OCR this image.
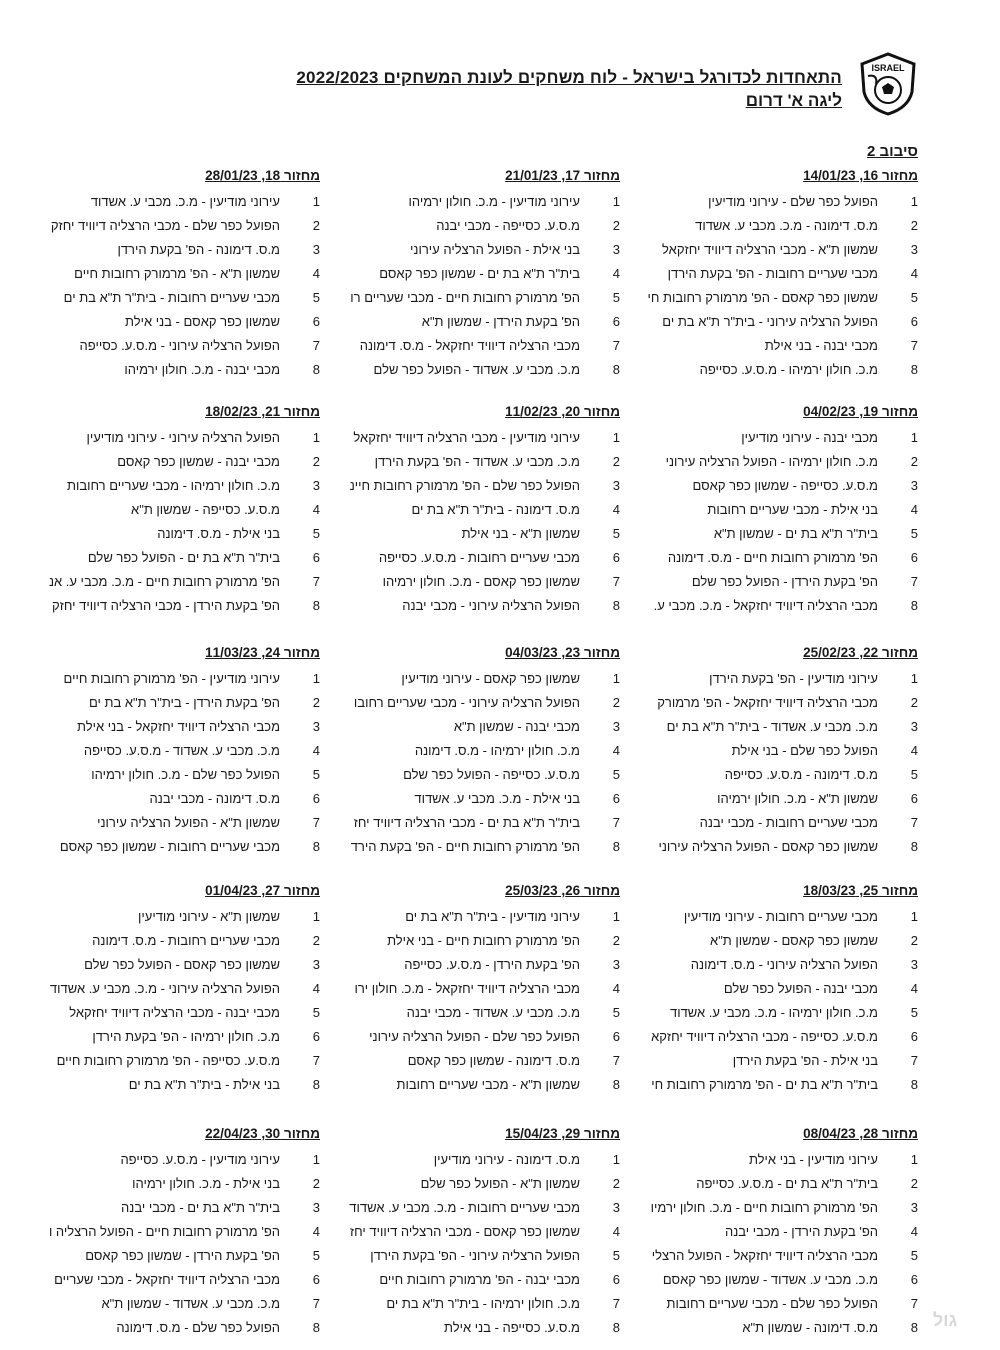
ISRAEL
התאחדות לכדורגל בישראל - לוח משחקים לעונת המשחקים 2022/2023
ליגה א' דרום
סיבוב 2
מחזור 16, 14/01/23
1הפועל כפר שלם - עירוני מודיעין
2מ.ס. דימונה - מ.כ. מכבי ע. אשדוד
3שמשון ת"א - מכבי הרצליה דיוויד יחזקאל
4מכבי שעריים רחובות - הפ' בקעת הירדן
5שמשון כפר קאסם - הפ' מרמורק רחובות חי
6הפועל הרצליה עירוני - בית"ר ת"א בת ים
7מכבי יבנה - בני אילת
8מ.כ. חולון ירמיהו - מ.ס.ע. כסייפה
מחזור 17, 21/01/23
1עירוני מודיעין - מ.כ. חולון ירמיהו
2מ.ס.ע. כסייפה - מכבי יבנה
3בני אילת - הפועל הרצליה עירוני
4בית"ר ת"א בת ים - שמשון כפר קאסם
5הפ' מרמורק רחובות חיים - מכבי שעריים רו
6הפ' בקעת הירדן - שמשון ת"א
7מכבי הרצליה דיוויד יחזקאל - מ.ס. דימונה
8מ.כ. מכבי ע. אשדוד - הפועל כפר שלם
מחזור 18, 28/01/23
1עירוני מודיעין - מ.כ. מכבי ע. אשדוד
2הפועל כפר שלם - מכבי הרצליה דיוויד יחזק
3מ.ס. דימונה - הפ' בקעת הירדן
4שמשון ת"א - הפ' מרמורק רחובות חיים
5מכבי שעריים רחובות - בית"ר ת"א בת ים
6שמשון כפר קאסם - בני אילת
7הפועל הרצליה עירוני - מ.ס.ע. כסייפה
8מכבי יבנה - מ.כ. חולון ירמיהו
מחזור 19, 04/02/23
1מכבי יבנה - עירוני מודיעין
2מ.כ. חולון ירמיהו - הפועל הרצליה עירוני
3מ.ס.ע. כסייפה - שמשון כפר קאסם
4בני אילת - מכבי שעריים רחובות
5בית"ר ת"א בת ים - שמשון ת"א
6הפ' מרמורק רחובות חיים - מ.ס. דימונה
7הפ' בקעת הירדן - הפועל כפר שלם
8מכבי הרצליה דיוויד יחזקאל - מ.כ. מכבי ע.
מחזור 20, 11/02/23
1עירוני מודיעין - מכבי הרצליה דיוויד יחזקאל
2מ.כ. מכבי ע. אשדוד - הפ' בקעת הירדן
3הפועל כפר שלם - הפ' מרמורק רחובות חיינ
4מ.ס. דימונה - בית"ר ת"א בת ים
5שמשון ת"א - בני אילת
6מכבי שעריים רחובות - מ.ס.ע. כסייפה
7שמשון כפר קאסם - מ.כ. חולון ירמיהו
8הפועל הרצליה עירוני - מכבי יבנה
מחזור 21, 18/02/23
1הפועל הרצליה עירוני - עירוני מודיעין
2מכבי יבנה - שמשון כפר קאסם
3מ.כ. חולון ירמיהו - מכבי שעריים רחובות
4מ.ס.ע. כסייפה - שמשון ת"א
5בני אילת - מ.ס. דימונה
6בית"ר ת"א בת ים - הפועל כפר שלם
7הפ' מרמורק רחובות חיים - מ.כ. מכבי ע. אנ
8הפ' בקעת הירדן - מכבי הרצליה דיוויד יחזק
מחזור 22, 25/02/23
1עירוני מודיעין - הפ' בקעת הירדן
2מכבי הרצליה דיוויד יחזקאל - הפ' מרמורק
3מ.כ. מכבי ע. אשדוד - בית"ר ת"א בת ים
4הפועל כפר שלם - בני אילת
5מ.ס. דימונה - מ.ס.ע. כסייפה
6שמשון ת"א - מ.כ. חולון ירמיהו
7מכבי שעריים רחובות - מכבי יבנה
8שמשון כפר קאסם - הפועל הרצליה עירוני
מחזור 23, 04/03/23
1שמשון כפר קאסם - עירוני מודיעין
2הפועל הרצליה עירוני - מכבי שעריים רחובו
3מכבי יבנה - שמשון ת"א
4מ.כ. חולון ירמיהו - מ.ס. דימונה
5מ.ס.ע. כסייפה - הפועל כפר שלם
6בני אילת - מ.כ. מכבי ע. אשדוד
7בית"ר ת"א בת ים - מכבי הרצליה דיוויד יחז
8הפ' מרמורק רחובות חיים - הפ' בקעת הירד
מחזור 24, 11/03/23
1עירוני מודיעין - הפ' מרמורק רחובות חיים
2הפ' בקעת הירדן - בית"ר ת"א בת ים
3מכבי הרצליה דיוויד יחזקאל - בני אילת
4מ.כ. מכבי ע. אשדוד - מ.ס.ע. כסייפה
5הפועל כפר שלם - מ.כ. חולון ירמיהו
6מ.ס. דימונה - מכבי יבנה
7שמשון ת"א - הפועל הרצליה עירוני
8מכבי שעריים רחובות - שמשון כפר קאסם
מחזור 25, 18/03/23
1מכבי שעריים רחובות - עירוני מודיעין
2שמשון כפר קאסם - שמשון ת"א
3הפועל הרצליה עירוני - מ.ס. דימונה
4מכבי יבנה - הפועל כפר שלם
5מ.כ. חולון ירמיהו - מ.כ. מכבי ע. אשדוד
6מ.ס.ע. כסייפה - מכבי הרצליה דיוויד יחזקא
7בני אילת - הפ' בקעת הירדן
8בית"ר ת"א בת ים - הפ' מרמורק רחובות חי
מחזור 26, 25/03/23
1עירוני מודיעין - בית"ר ת"א בת ים
2הפ' מרמורק רחובות חיים - בני אילת
3הפ' בקעת הירדן - מ.ס.ע. כסייפה
4מכבי הרצליה דיוויד יחזקאל - מ.כ. חולון ירו
5מ.כ. מכבי ע. אשדוד - מכבי יבנה
6הפועל כפר שלם - הפועל הרצליה עירוני
7מ.ס. דימונה - שמשון כפר קאסם
8שמשון ת"א - מכבי שעריים רחובות
מחזור 27, 01/04/23
1שמשון ת"א - עירוני מודיעין
2מכבי שעריים רחובות - מ.ס. דימונה
3שמשון כפר קאסם - הפועל כפר שלם
4הפועל הרצליה עירוני - מ.כ. מכבי ע. אשדוד
5מכבי יבנה - מכבי הרצליה דיוויד יחזקאל
6מ.כ. חולון ירמיהו - הפ' בקעת הירדן
7מ.ס.ע. כסייפה - הפ' מרמורק רחובות חיים
8בני אילת - בית"ר ת"א בת ים
מחזור 28, 08/04/23
1עירוני מודיעין - בני אילת
2בית"ר ת"א בת ים - מ.ס.ע. כסייפה
3הפ' מרמורק רחובות חיים - מ.כ. חולון ירמיו
4הפ' בקעת הירדן - מכבי יבנה
5מכבי הרצליה דיוויד יחזקאל - הפועל הרצלי
6מ.כ. מכבי ע. אשדוד - שמשון כפר קאסם
7הפועל כפר שלם - מכבי שעריים רחובות
8מ.ס. דימונה - שמשון ת"א
מחזור 29, 15/04/23
1מ.ס. דימונה - עירוני מודיעין
2שמשון ת"א - הפועל כפר שלם
3מכבי שעריים רחובות - מ.כ. מכבי ע. אשדוד
4שמשון כפר קאסם - מכבי הרצליה דיוויד יחז
5הפועל הרצליה עירוני - הפ' בקעת הירדן
6מכבי יבנה - הפ' מרמורק רחובות חיים
7מ.כ. חולון ירמיהו - בית"ר ת"א בת ים
8מ.ס.ע. כסייפה - בני אילת
מחזור 30, 22/04/23
1עירוני מודיעין - מ.ס.ע. כסייפה
2בני אילת - מ.כ. חולון ירמיהו
3בית"ר ת"א בת ים - מכבי יבנה
4הפ' מרמורק רחובות חיים - הפועל הרצליה ו
5הפ' בקעת הירדן - שמשון כפר קאסם
6מכבי הרצליה דיוויד יחזקאל - מכבי שעריים
7מ.כ. מכבי ע. אשדוד - שמשון ת"א
8הפועל כפר שלם - מ.ס. דימונה	גול
